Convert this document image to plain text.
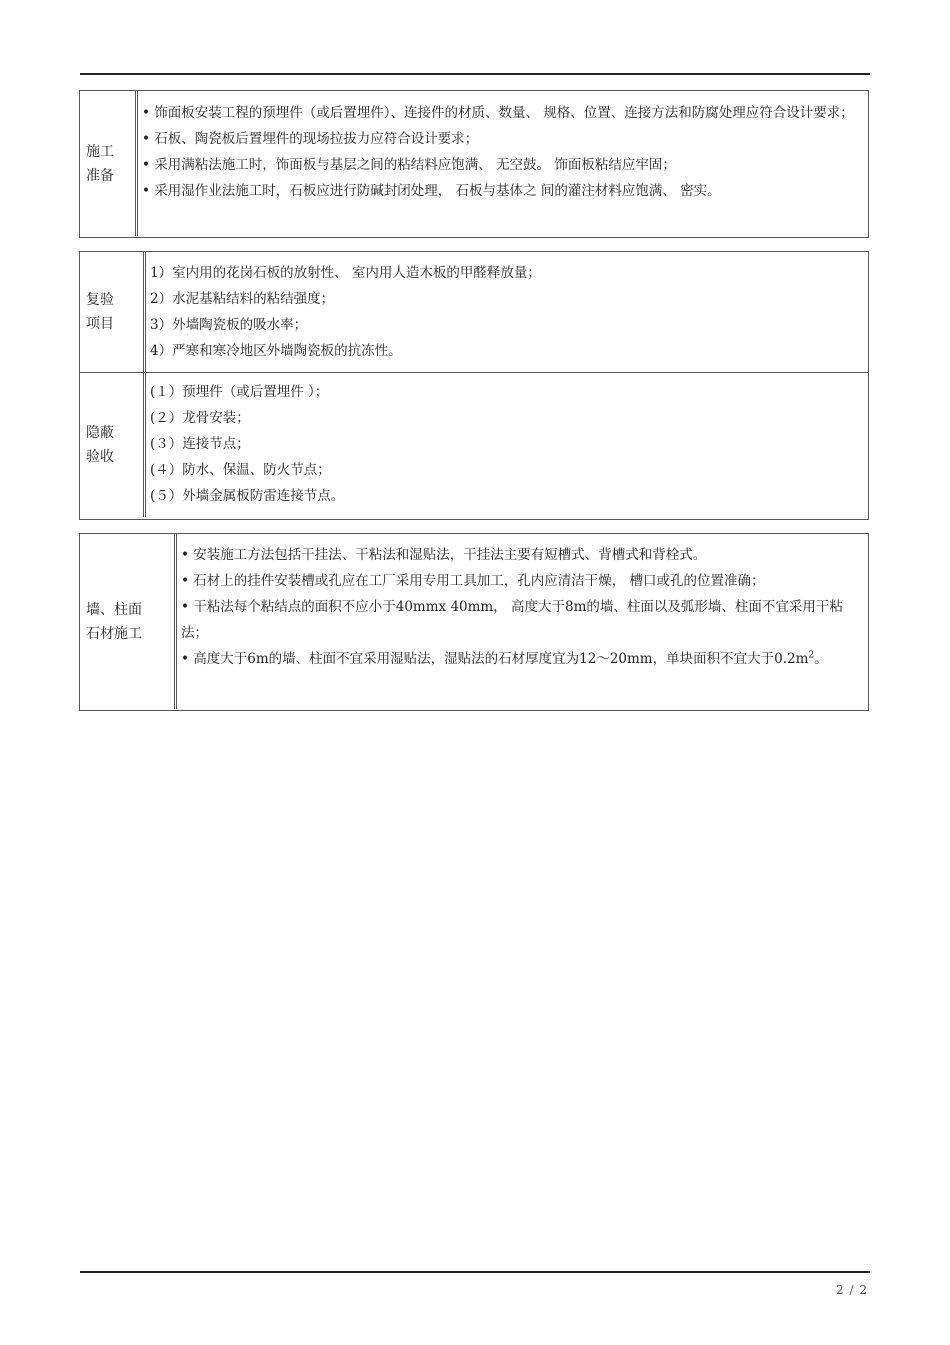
施工
准备

• 饰面板安装工程的预埋件（或后置埋件）、连接件的材质、数量、 规格、位置、连接方法和防腐处理应符合设计要求；

• 石板、陶瓷板后置埋件的现场拉拔力应符合设计要求；

• 采用满粘法施工时，饰面板与基层之间的粘结料应饱满、 无空鼓。 饰面板粘结应牢固；

• 采用湿作业法施工时，石板应进行防碱封闭处理， 石板与基体之 间的灌注材料应饱满、 密实。

复验
项目

1）室内用的花岗石板的放射性、 室内用人造木板的甲醛释放量；

2）水泥基粘结料的粘结强度；

3）外墙陶瓷板的吸水率；

4）严寒和寒冷地区外墙陶瓷板的抗冻性。

隐蔽
验收

(１）预埋件（或后置埋件 ）；

(２）龙骨安装；

(３）连接节点；

(４）防水、保温、防火节点；

(５）外墙金属板防雷连接节点。

墙、柱面
石材施工

• 安装施工方法包括干挂法、干粘法和湿贴法，干挂法主要有短槽式、背槽式和背栓式。

• 石材上的挂件安装槽或孔应在工厂采用专用工具加工，孔内应清洁干燥， 槽口或孔的位置准确；

• 干粘法每个粘结点的面积不应小于40mmx 40mm， 高度大于8m的墙、柱面以及弧形墙、柱面不宜采用干粘法；

• 高度大于6m的墙、柱面不宜采用湿贴法，湿贴法的石材厚度宜为12～20mm，单块面积不宜大于$0.2m^2$。

2 / 2
